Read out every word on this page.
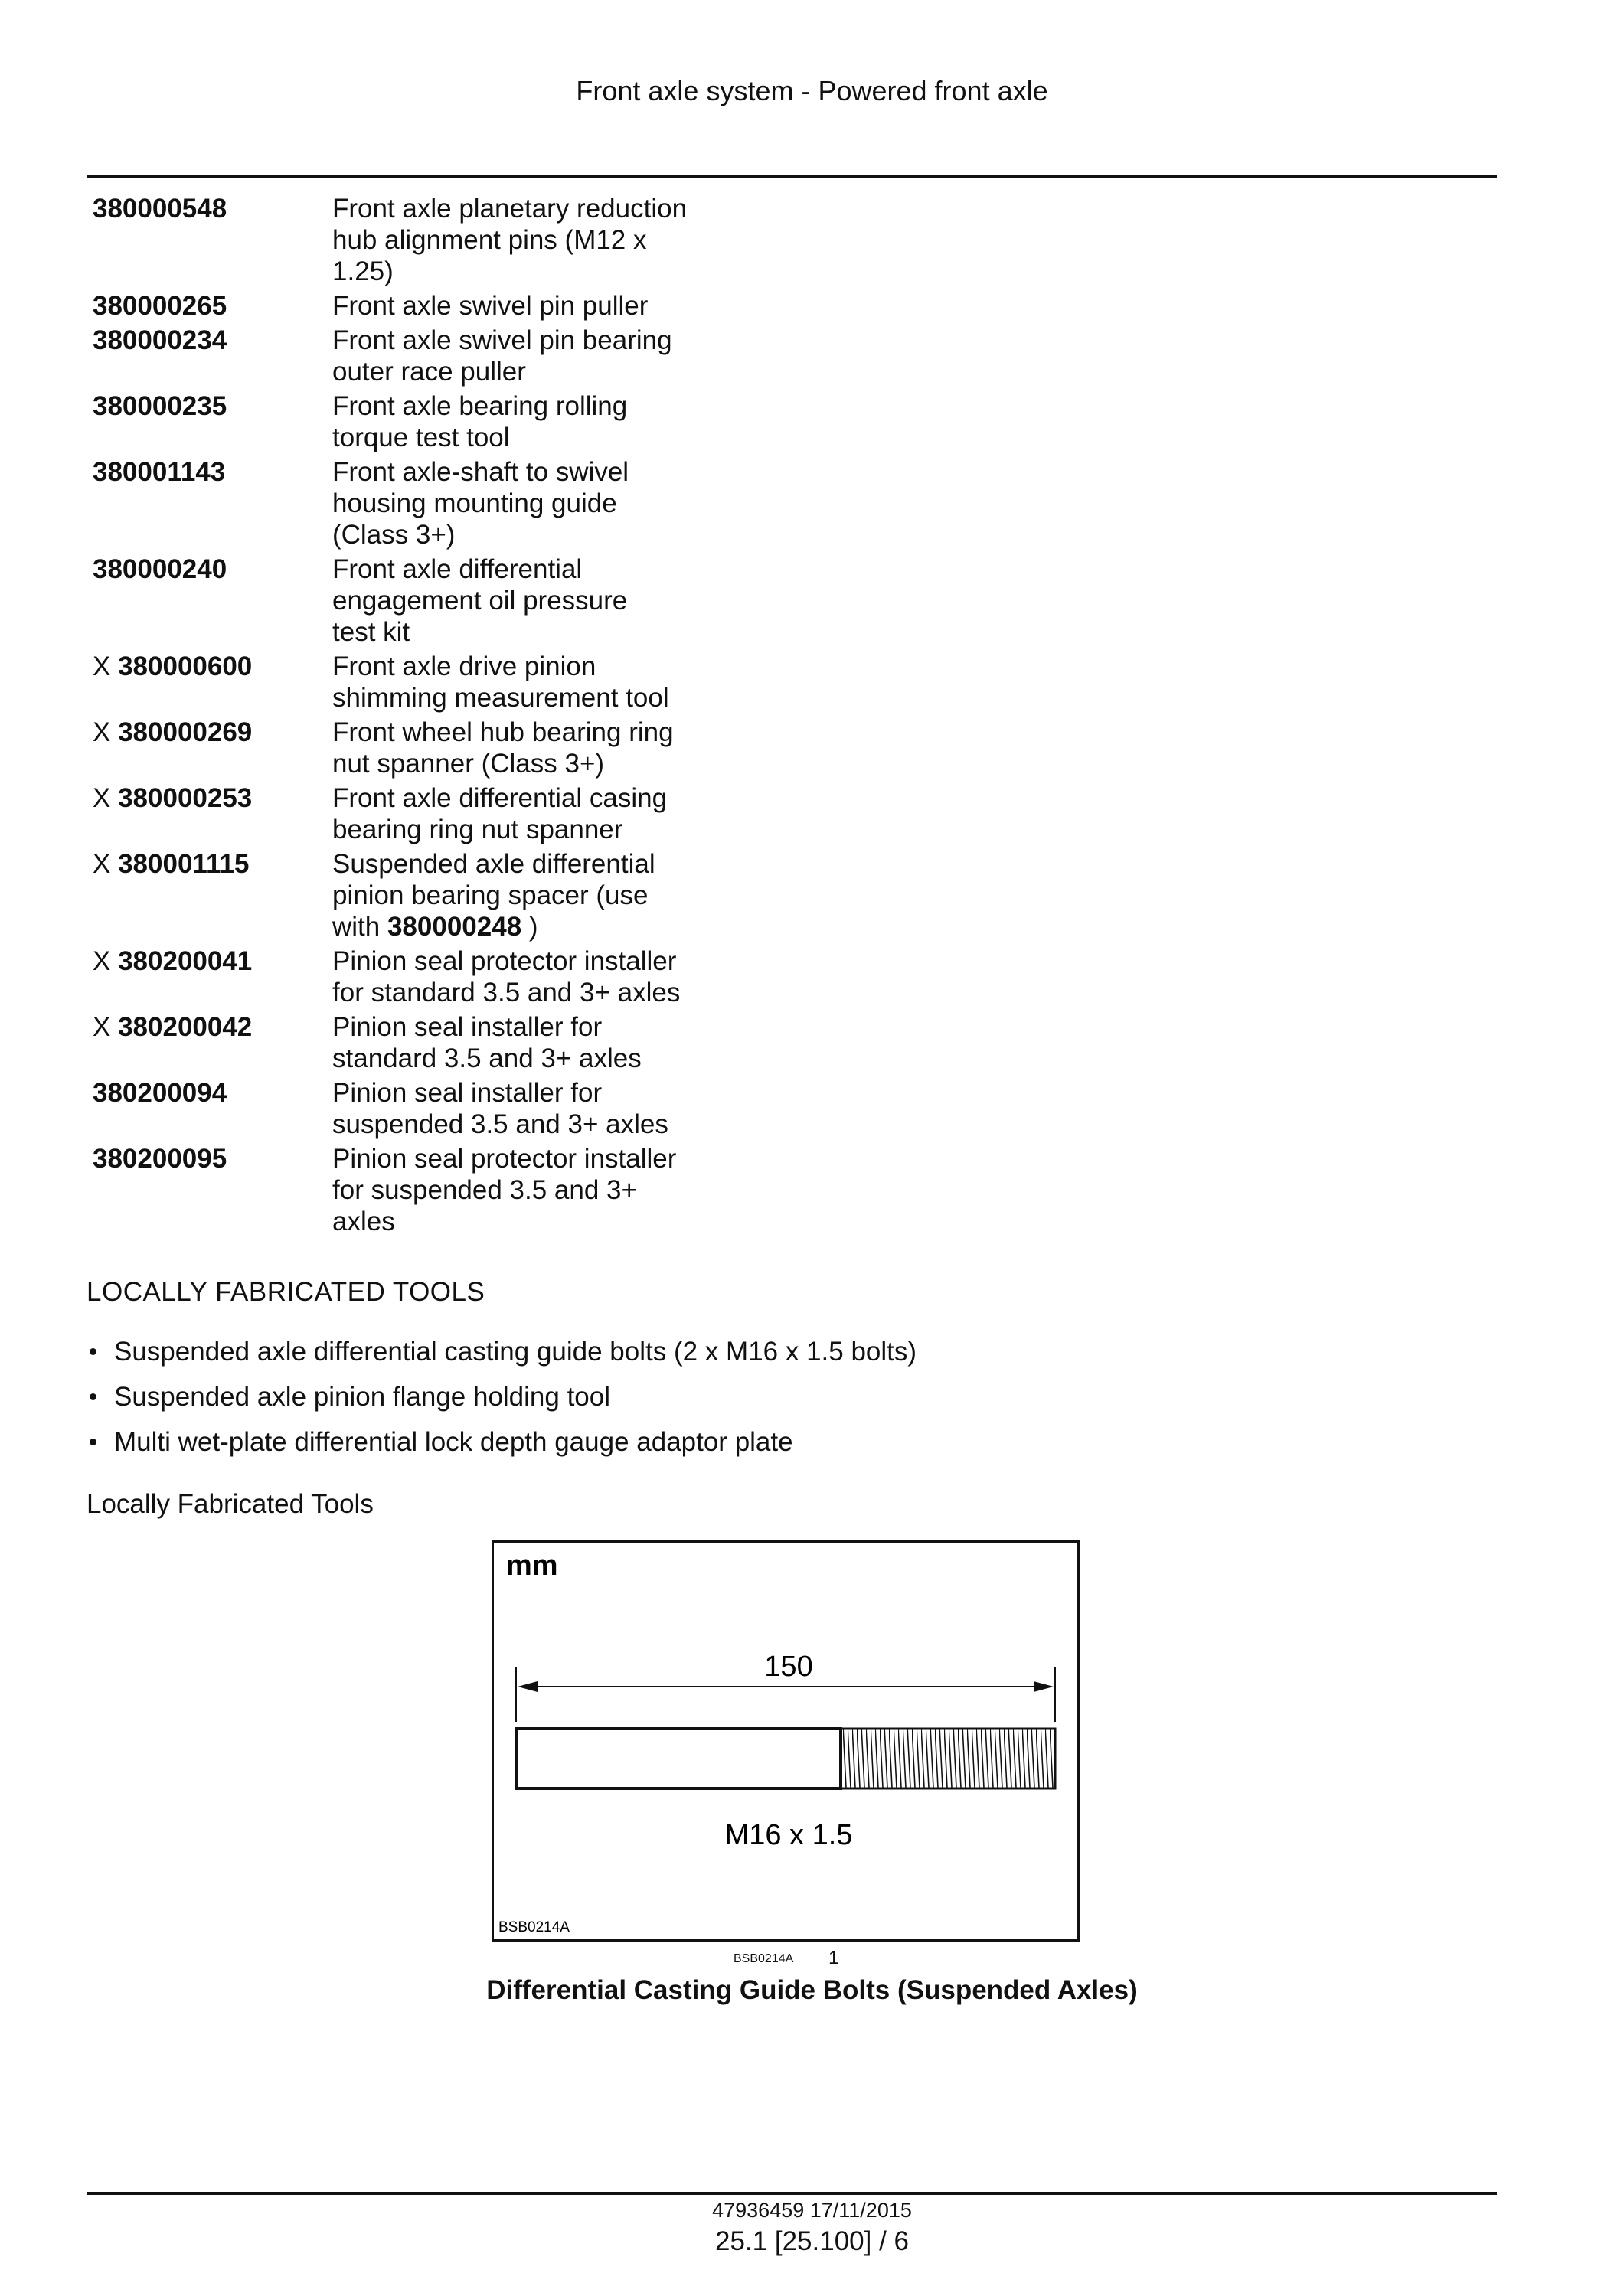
Front axle system - Powered front axle
380000548	Front axle planetary reduction
hub alignment pins (M12 x
1.25)
380000265	Front axle swivel pin puller
380000234	Front axle swivel pin bearing
outer race puller
380000235	Front axle bearing rolling
torque test tool
380001143	Front axle-shaft to swivel
housing mounting guide
(Class 3+)
380000240	Front axle differential
engagement oil pressure
test kit
X 380000600	Front axle drive pinion
shimming measurement tool
X 380000269	Front wheel hub bearing ring
nut spanner (Class 3+)
X 380000253	Front axle differential casing
bearing ring nut spanner
X 380001115	Suspended axle differential
pinion bearing spacer (use
with 380000248 )
X 380200041	Pinion seal protector installer
for standard 3.5 and 3+ axles
X 380200042	Pinion seal installer for
standard 3.5 and 3+ axles
380200094	Pinion seal installer for
suspended 3.5 and 3+ axles
380200095	Pinion seal protector installer
for suspended 3.5 and 3+
axles
LOCALLY FABRICATED TOOLS
Suspended axle differential casting guide bolts (2 x M16 x 1.5 bolts)
Suspended axle pinion flange holding tool
Multi wet-plate differential lock depth gauge adaptor plate
Locally Fabricated Tools
mm
150
M16 x 1.5
BSB0214A
BSB0214A 1
Differential Casting Guide Bolts (Suspended Axles)
47936459 17/11/2015
25.1 [25.100] / 6
